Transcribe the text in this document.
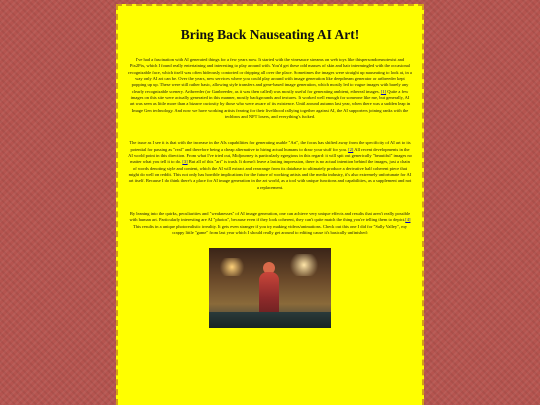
Bring Back Nauseating AI Art!

I've had a fascination with AI generated things for a few years now. It started with the vinesauce streams on web toys like thispersondoesnotexist and Pix2Pix, which I found really entertaining and interesting to play around with. You'd get these odd masses of skin and hair intermingled with the occasional recognizable face, which itself was often hideously contorted or dripping all over the place. Sometimes the images were straight up nauseating to look at, in a way only AI art can be. Over the years, new services where you could play around with image generation like deepdream generator or artbreeder kept popping up up. These were still rather basic, allowing style transfers and gene-based image generation, which mostly led to vague images with barely any clearly recognizable scenery. Artbreeder (or Ganbreeder, as it was then called) was mostly useful for generating ambient, ethereal images. [1] Quite a few images on this site were actually generated in this manner, mostly backgrounds and textures. It worked well enough for someone like me, but generally, AI art was seen as little more than a bizarre curiosity by those who were aware of its existence. Until around autumn last year, when there was a sudden leap in Image Gen technology. And now we have working artists fearing for their livelihood rallying together against AI, the AI supporters joining ranks with the techbros and NFT losers, and everything's fucked.

The issue as I see it is that with the increase in the AIs capabilities for generating usable "Art", the focus has shifted away from the specificity of AI art to its potential for passing as "real" and therefore being a cheap alternative to hiring actual humans to draw your stuff for you. [2] All recent developments in the AI world point in this direction. From what I've tried out, Midjourney is particularly egregious in this regard: it will spit out generically "beautiful" images no matter what you tell it to do. [3] But all of this "art" is trash. It doesn't leave a lasting impression, there is no actual intention behind the images, just a chain of words denoting style and content, which the AI will extract and rearrange from its database to ultimately produce a derivative half coherent piece that might do well on reddit. This not only has horrible implications for the future of working artists and the media industry, it's also extremely unfortunate for AI art itself. Because I do think there's a place for AI image generation in the art world, as a tool with unique functions and capabilities, as a supplement and not a replacement.

By leaning into the quirks, peculiarities and "weaknesses" of AI image generation, one can achieve very unique effects and results that aren't really possible with human art. Particularly interesting are AI "photos", because even if they look coherent, they can't quite match the thing you're telling them to depict.[4] This results in a unique photorealistic irreality. It gets even stranger if you try making videos/animations. Check out this one I did for "Sally Valley", my crappy little "game" from last year which I should really get around to editing cause it's basically unfinished:
